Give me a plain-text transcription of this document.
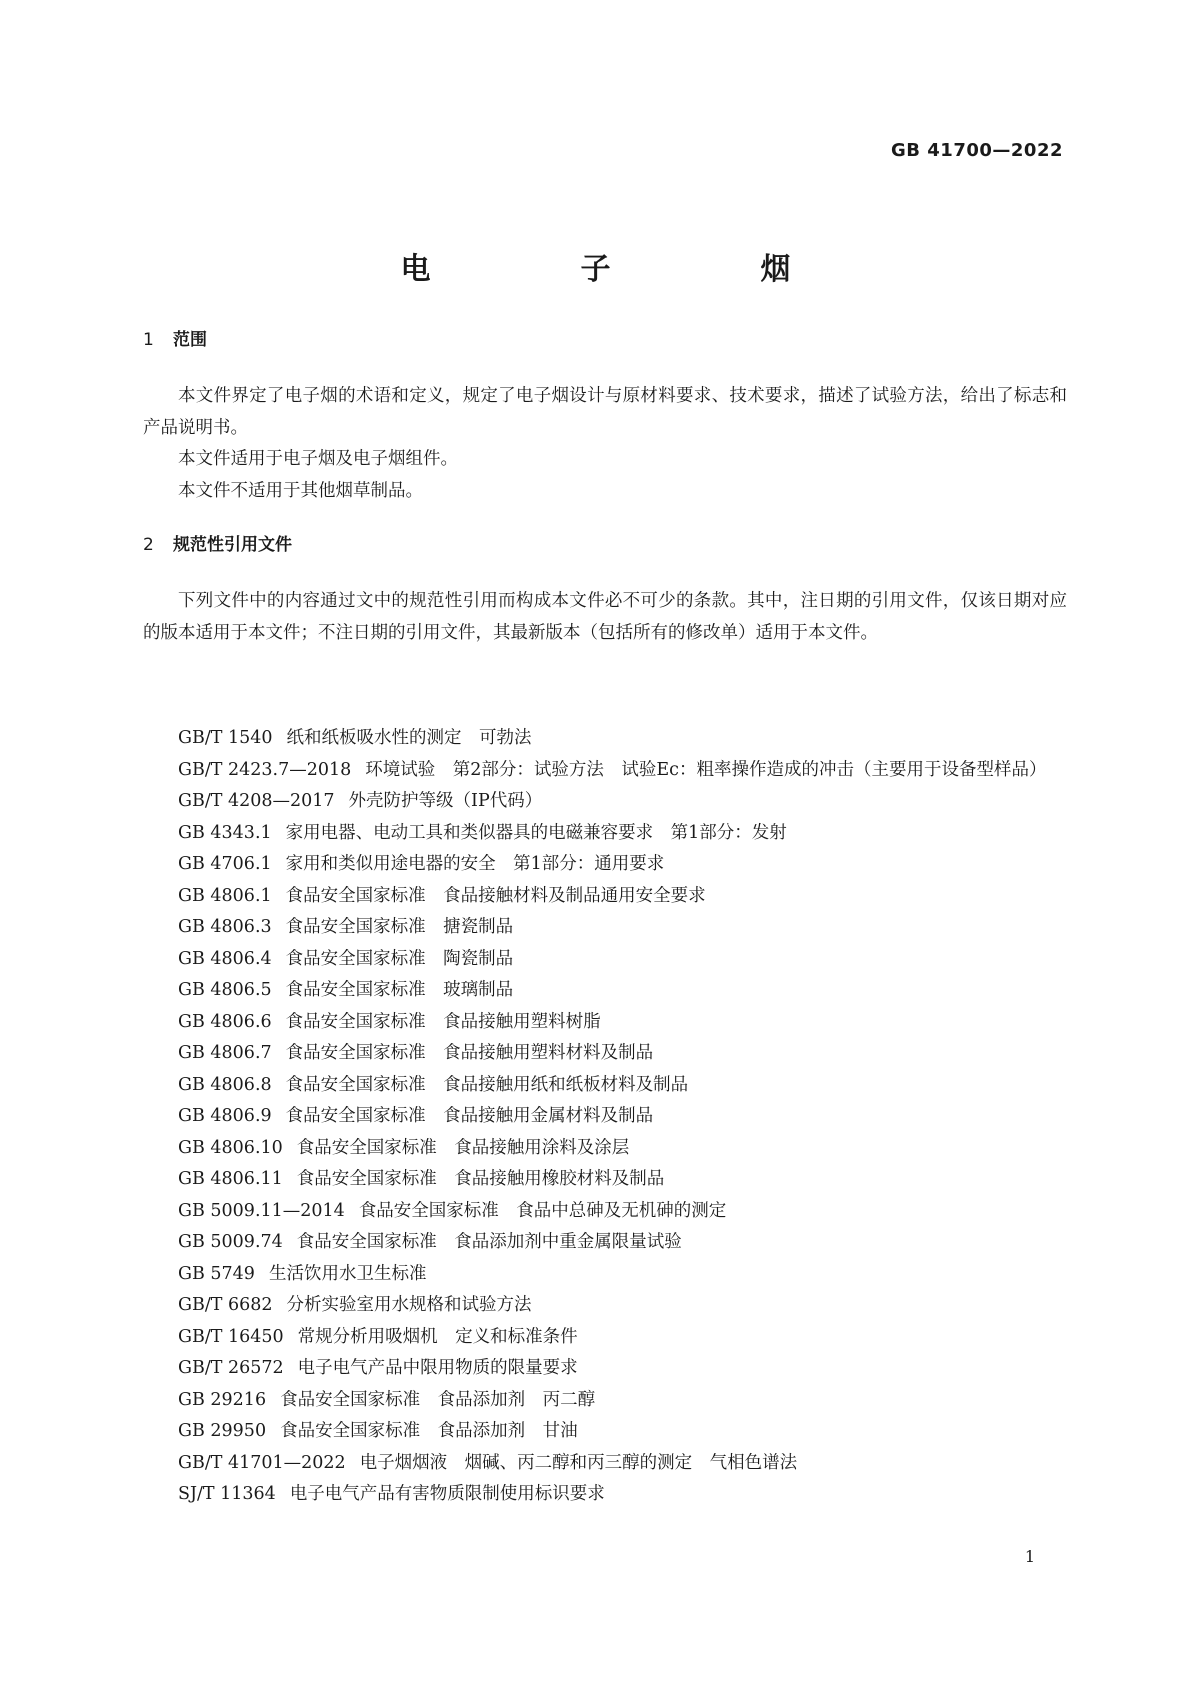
GB 41700—2022
电　子　烟
1 范围

本文件界定了电子烟的术语和定义，规定了电子烟设计与原材料要求、技术要求，描述了试验方法，给出了标志和产品说明书。

本文件适用于电子烟及电子烟组件。

本文件不适用于其他烟草制品。

2 规范性引用文件

下列文件中的内容通过文中的规范性引用而构成本文件必不可少的条款。其中，注日期的引用文件，仅该日期对应的版本适用于本文件；不注日期的引用文件，其最新版本（包括所有的修改单）适用于本文件。

GB/T 1540 纸和纸板吸水性的测定　可勃法

GB/T 2423.7—2018 环境试验　第2部分：试验方法　试验Ec：粗率操作造成的冲击（主要用于设备型样品）

GB/T 4208—2017 外壳防护等级（IP代码）

GB 4343.1 家用电器、电动工具和类似器具的电磁兼容要求　第1部分：发射

GB 4706.1 家用和类似用途电器的安全　第1部分：通用要求

GB 4806.1 食品安全国家标准　食品接触材料及制品通用安全要求

GB 4806.3 食品安全国家标准　搪瓷制品

GB 4806.4 食品安全国家标准　陶瓷制品

GB 4806.5 食品安全国家标准　玻璃制品

GB 4806.6 食品安全国家标准　食品接触用塑料树脂

GB 4806.7 食品安全国家标准　食品接触用塑料材料及制品

GB 4806.8 食品安全国家标准　食品接触用纸和纸板材料及制品

GB 4806.9 食品安全国家标准　食品接触用金属材料及制品

GB 4806.10 食品安全国家标准　食品接触用涂料及涂层

GB 4806.11 食品安全国家标准　食品接触用橡胶材料及制品

GB 5009.11—2014 食品安全国家标准　食品中总砷及无机砷的测定

GB 5009.74 食品安全国家标准　食品添加剂中重金属限量试验

GB 5749 生活饮用水卫生标准

GB/T 6682 分析实验室用水规格和试验方法

GB/T 16450 常规分析用吸烟机　定义和标准条件

GB/T 26572 电子电气产品中限用物质的限量要求

GB 29216 食品安全国家标准　食品添加剂　丙二醇

GB 29950 食品安全国家标准　食品添加剂　甘油

GB/T 41701—2022 电子烟烟液　烟碱、丙二醇和丙三醇的测定　气相色谱法

SJ/T 11364 电子电气产品有害物质限制使用标识要求

1
